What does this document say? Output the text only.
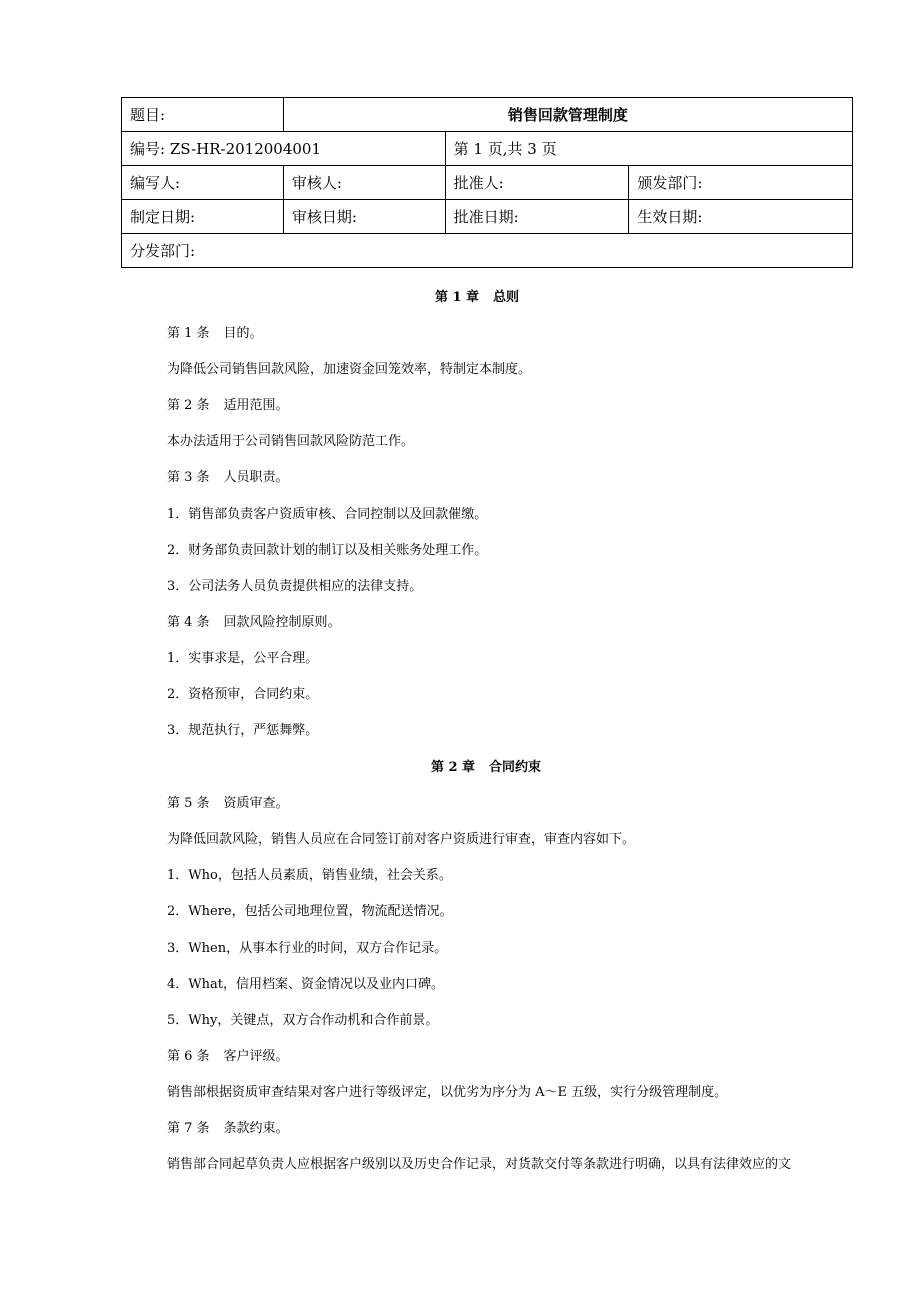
题目:	销售回款管理制度		
编号: ZS-HR-2012004001		第 1 页,共 3 页	
编写人:	审核人:	批准人:	颁发部门:
制定日期:	审核日期:	批准日期:	生效日期:
分发部门:			
第 1 章 总则
第 1 条 目的。
为降低公司销售回款风险，加速资金回笼效率，特制定本制度。
第 2 条 适用范围。
本办法适用于公司销售回款风险防范工作。
第 3 条 人员职责。
1．销售部负责客户资质审核、合同控制以及回款催缴。
2．财务部负责回款计划的制订以及相关账务处理工作。
3．公司法务人员负责提供相应的法律支持。
第 4 条 回款风险控制原则。
1．实事求是，公平合理。
2．资格预审，合同约束。
3．规范执行，严惩舞弊。
第 2 章 合同约束
第 5 条 资质审查。
为降低回款风险，销售人员应在合同签订前对客户资质进行审查，审查内容如下。
1．Who，包括人员素质，销售业绩，社会关系。
2．Where，包括公司地理位置，物流配送情况。
3．When，从事本行业的时间，双方合作记录。
4．What，信用档案、资金情况以及业内口碑。
5．Why，关键点，双方合作动机和合作前景。
第 6 条 客户评级。
销售部根据资质审查结果对客户进行等级评定，以优劣为序分为 A～E 五级，实行分级管理制度。
第 7 条 条款约束。
销售部合同起草负责人应根据客户级别以及历史合作记录，对货款交付等条款进行明确，以具有法律效应的文
